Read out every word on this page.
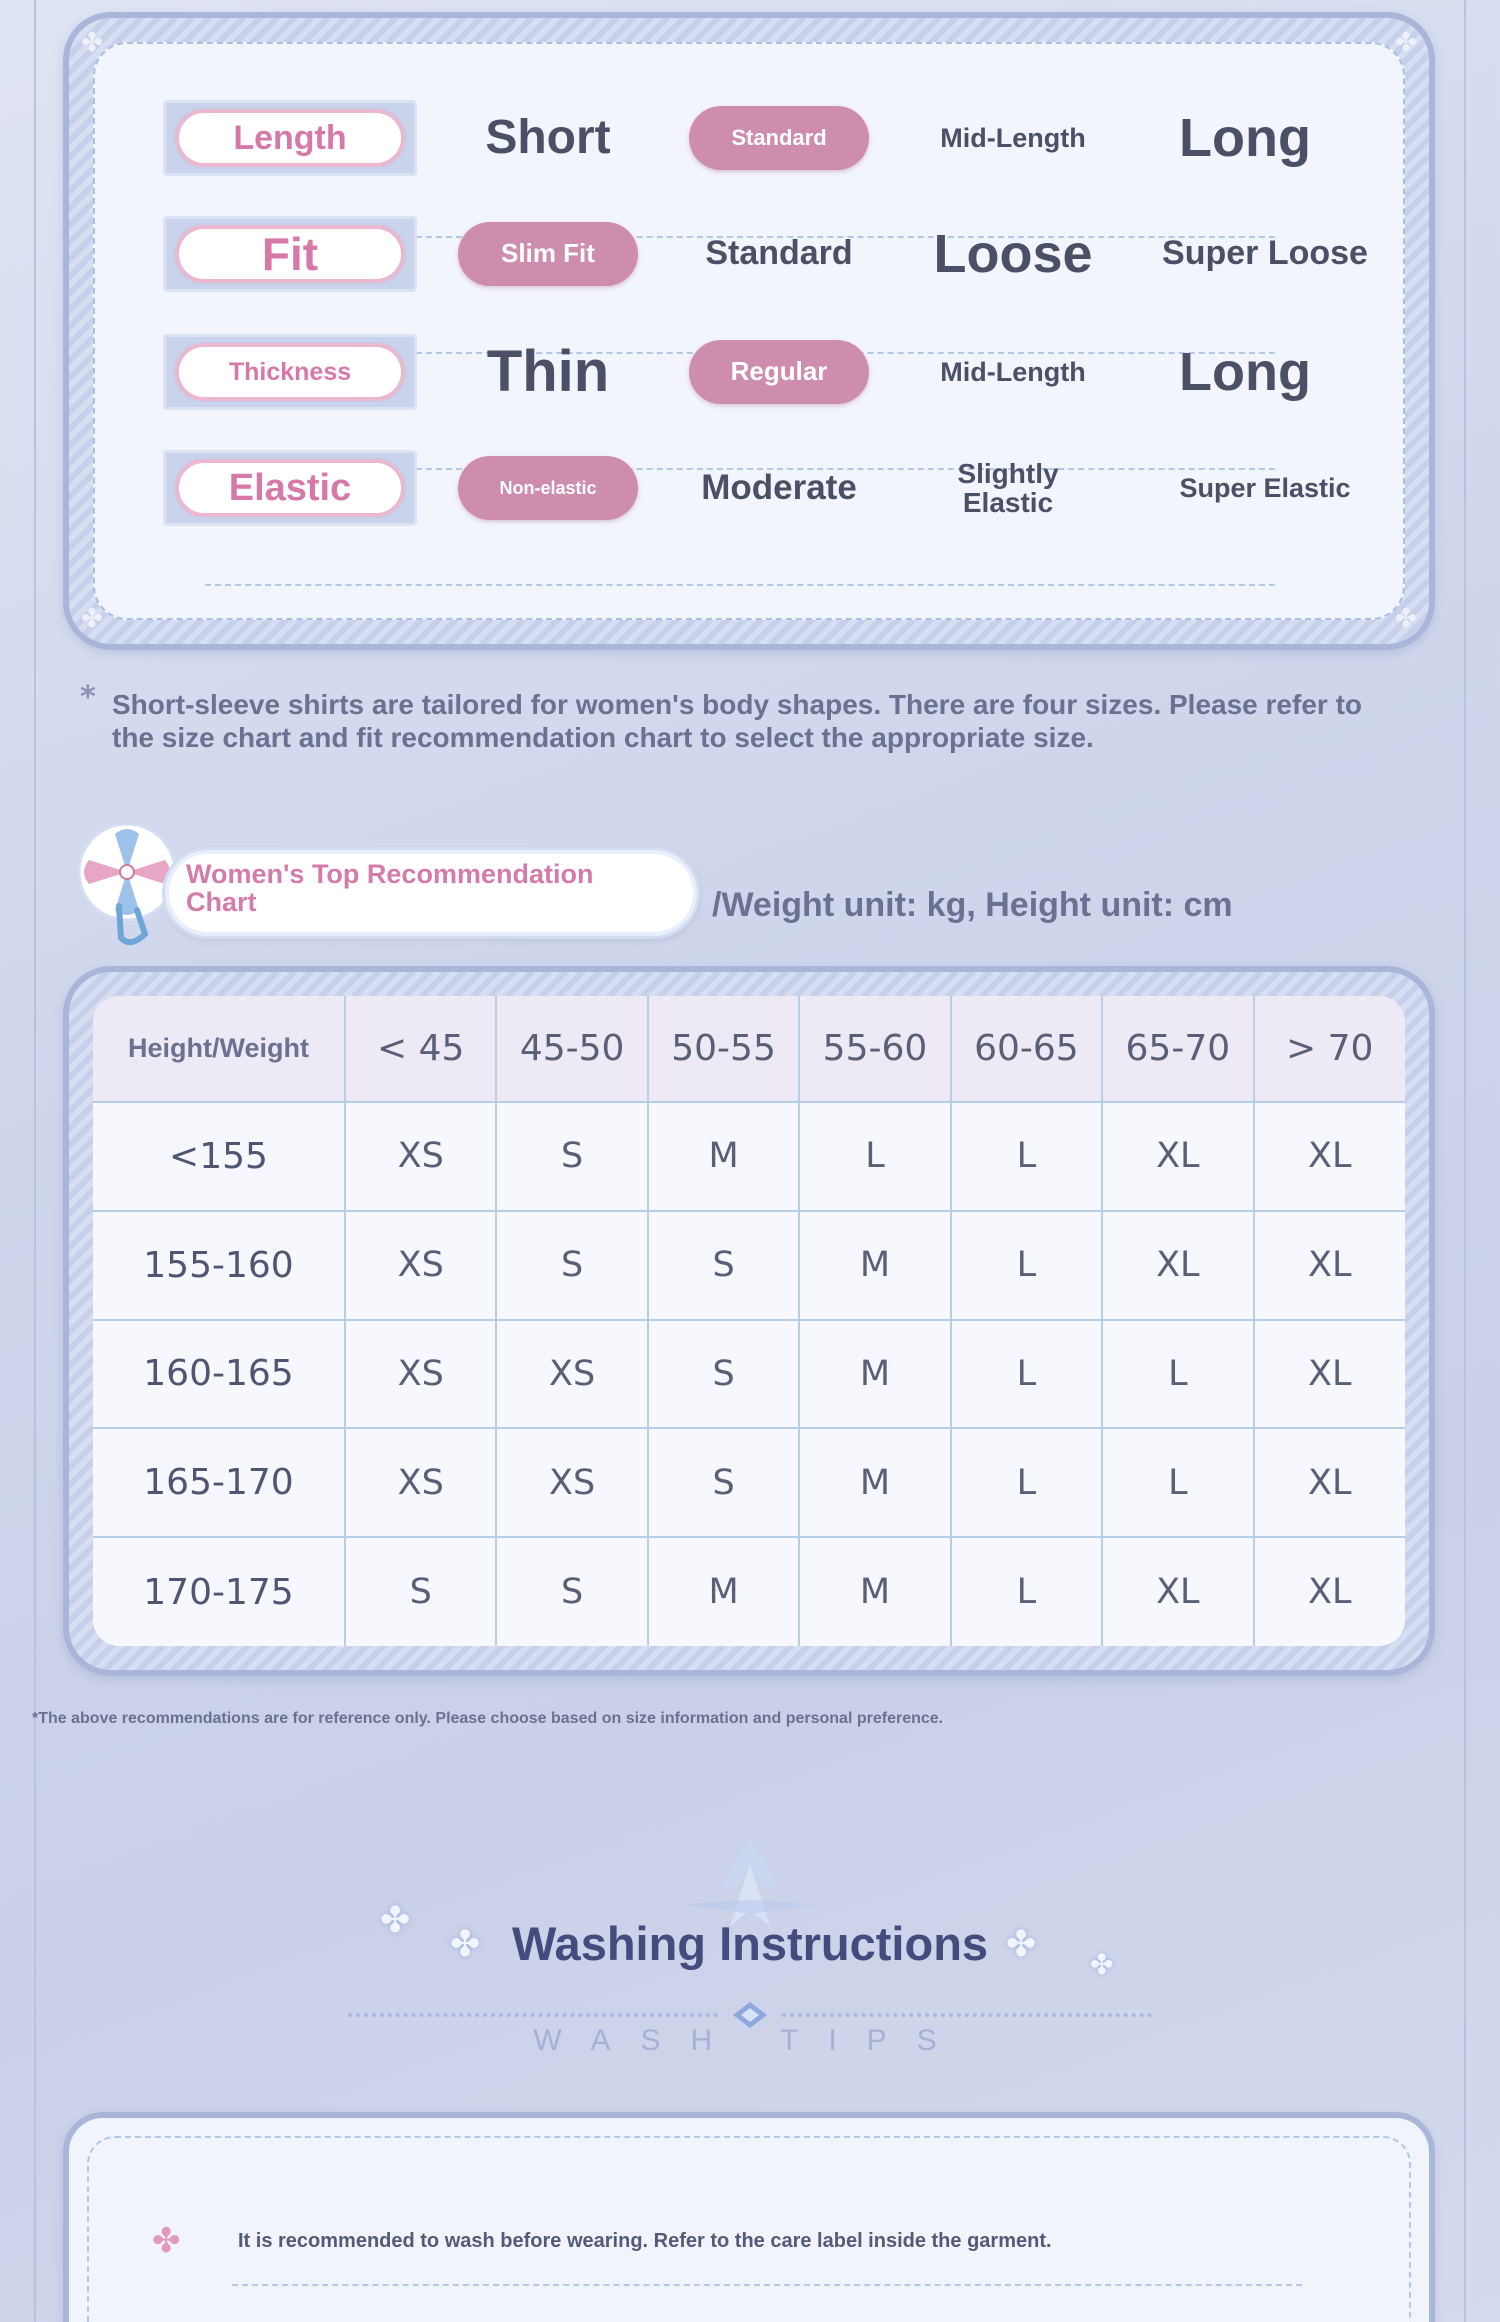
✤	✤
✤	✤
Length	Short	Standard	Mid-Length	Long
Fit	Slim Fit	Standard	Loose	Super Loose
Thickness	Thin	Regular	Mid-Length	Long
Elastic	Non-elastic	Moderate	Slightly Elastic	Super Elastic
* Short-sleeve shirts are tailored for women's body shapes. There are four sizes. Please refer to the size chart and fit recommendation chart to select the appropriate size.
Women's Top Recommendation Chart	/Weight unit: kg, Height unit: cm
Height/Weight	< 45	45-50	50-55	55-60	60-65	65-70	> 70
<155	XS	S	M	L	L	XL	XL
155-160	XS	S	S	M	L	XL	XL
160-165	XS	XS	S	M	L	L	XL
165-170	XS	XS	S	M	L	L	XL
170-175	S	S	M	M	L	XL	XL
*The above recommendations are for reference only. Please choose based on size information and personal preference.
✤
✤	✤ ✤
Washing Instructions
WASH TIPS
✤	It is recommended to wash before wearing. Refer to the care label inside the garment.
